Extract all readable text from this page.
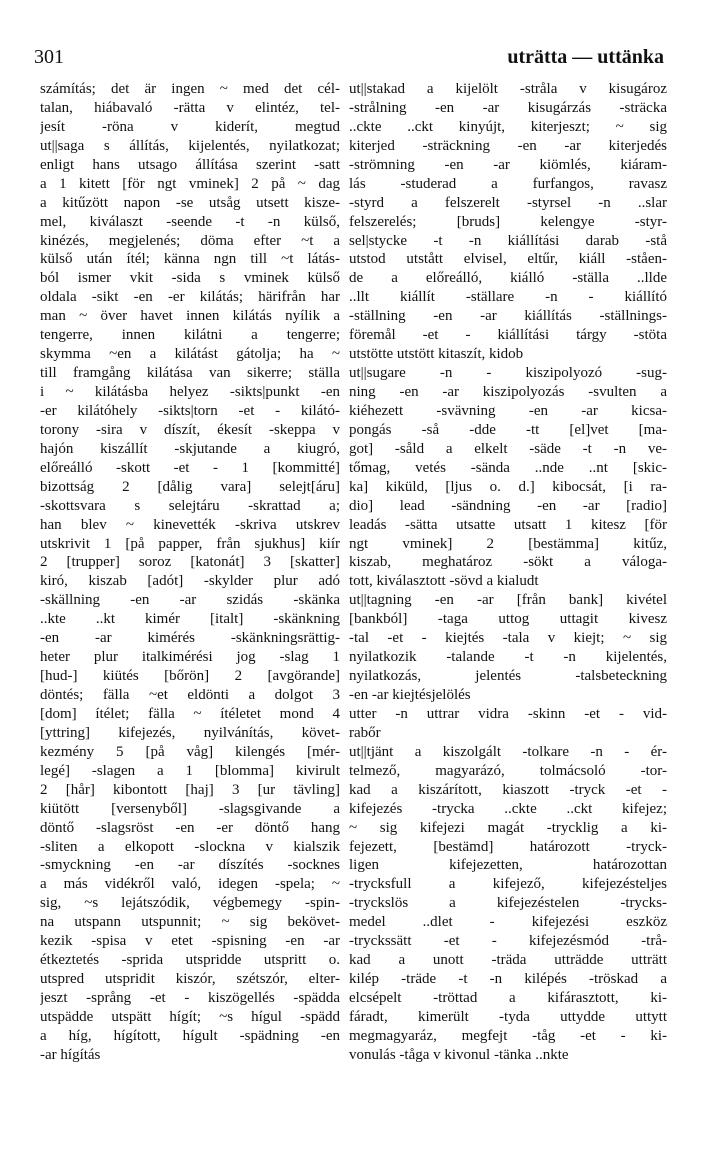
301	uträtta — uttänka
számítás; det är ingen ~ med det cél-
talan, hiábavaló -rätta v elintéz, tel-
jesít -röna v kiderít, megtud
ut||saga s állítás, kijelentés, nyilatkozat;
enligt hans utsago állítása szerint -satt
a 1 kitett [för ngt vminek] 2 på ~ dag
a kitűzött napon -se utsåg utsett kisze-
mel, kiválaszt -seende -t -n külső,
kinézés, megjelenés; döma efter ~t a
külső után ítél; känna ngn till ~t látás-
ból ismer vkit -sida s vminek külső
oldala -sikt -en -er kilátás; härifrån har
man ~ över havet innen kilátás nyílik a
tengerre, innen kilátni a tengerre;
skymma ~en a kilátást gátolja; ha ~
till framgång kilátása van sikerre; ställa
i ~ kilátásba helyez -sikts|punkt -en
-er kilátóhely -sikts|torn -et - kilátó-
torony -sira v díszít, ékesít -skeppa v
hajón kiszállít -skjutande a kiugró,
előreálló -skott -et - 1 [kommitté]
bizottság 2 [dålig vara] selejt[áru]
-skottsvara s selejtáru -skrattad a;
han blev ~ kinevették -skriva utskrev
utskrivit 1 [på papper, från sjukhus] kiír
2 [trupper] soroz [katonát] 3 [skatter]
kiró, kiszab [adót] -skylder plur adó
-skällning -en -ar szidás -skänka
..kte ..kt kimér [italt] -skänkning
-en -ar kimérés -skänkningsrättig-
heter plur italkimérési jog -slag 1
[hud-] kiütés [bőrön] 2 [avgörande]
döntés; fälla ~et eldönti a dolgot 3
[dom] ítélet; fälla ~ ítéletet mond 4
[yttring] kifejezés, nyilvánítás, követ-
kezmény 5 [på våg] kilengés [mér-
legé] -slagen a 1 [blomma] kivirult
2 [hår] kibontott [haj] 3 [ur tävling]
kiütött [versenyből] -slagsgivande a
döntő -slagsröst -en -er döntő hang
-sliten a elkopott -slockna v kialszik
-smyckning -en -ar díszítés -socknes
a más vidékről való, idegen -spela; ~
sig, ~s lejátszódik, végbemegy -spin-
na utspann utspunnit; ~ sig bekövet-
kezik -spisa v etet -spisning -en -ar
étkeztetés -sprida utspridde utspritt o.
utspred utspridit kiszór, szétszór, elter-
jeszt -språng -et - kiszögellés -spädda
utspädde utspätt hígít; ~s hígul -spädd
a híg, hígított, hígult -spädning -en
-ar hígítás
ut||stakad a kijelölt -stråla v kisugároz
-strålning -en -ar kisugárzás -sträcka
..ckte ..ckt kinyújt, kiterjeszt; ~ sig
kiterjed -sträckning -en -ar kiterjedés
-strömning -en -ar kiömlés, kiáram-
lás -studerad a furfangos, ravasz
-styrd a felszerelt -styrsel -n ..slar
felszerelés; [bruds] kelengye -styr-
sel|stycke -t -n kiállítási darab -stå
utstod utstått elvisel, eltűr, kiáll -ståen-
de a előreálló, kiálló -ställa ..llde
..llt kiállít -ställare -n - kiállító
-ställning -en -ar kiállítás -ställnings-
föremål -et - kiállítási tárgy -stöta
utstötte utstött kitaszít, kidob
ut||sugare -n - kiszipolyozó -sug-
ning -en -ar kiszipolyozás -svulten a
kiéhezett -svävning -en -ar kicsa-
pongás -så -dde -tt [el]vet [ma-
got] -såld a elkelt -säde -t -n ve-
tőmag, vetés -sända ..nde ..nt [skic-
ka] kiküld, [ljus o. d.] kibocsát, [i ra-
dio] lead -sändning -en -ar [radio]
leadás -sätta utsatte utsatt 1 kitesz [för
ngt vminek] 2 [bestämma] kitűz,
kiszab, meghatároz -sökt a váloga-
tott, kiválasztott -sövd a kialudt
ut||tagning -en -ar [från bank] kivétel
[bankból] -taga uttog uttagit kivesz
-tal -et - kiejtés -tala v kiejt; ~ sig
nyilatkozik -talande -t -n kijelentés,
nyilatkozás, jelentés -talsbeteckning
-en -ar kiejtésjelölés
utter -n uttrar vidra -skinn -et - vid-
rabőr
ut||tjänt a kiszolgált -tolkare -n - ér-
telmező, magyarázó, tolmácsoló -tor-
kad a kiszárított, kiaszott -tryck -et -
kifejezés -trycka ..ckte ..ckt kifejez;
~ sig kifejezi magát -trycklig a ki-
fejezett, [bestämd] határozott -tryck-
ligen kifejezetten, határozottan
-trycksfull a kifejező, kifejezésteljes
-tryckslös a kifejezéstelen -trycks-
medel ..dlet - kifejezési eszköz
-tryckssätt -et - kifejezésmód -trå-
kad a unott -träda utträdde utträtt
kilép -träde -t -n kilépés -tröskad a
elcsépelt -tröttad a kifárasztott, ki-
fáradt, kimerült -tyda uttydde uttytt
megmagyaráz, megfejt -tåg -et - ki-
vonulás -tåga v kivonul -tänka ..nkte
